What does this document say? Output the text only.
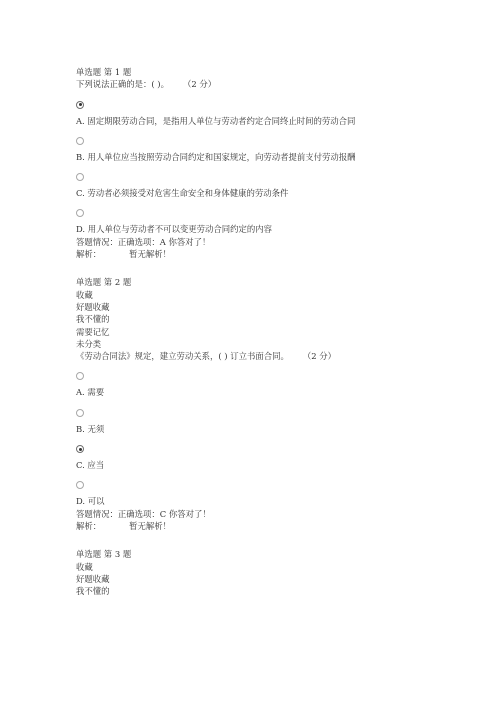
单选题 第 1 题
下列说法正确的是：( )。 （2 分）
A. 固定期限劳动合同，是指用人单位与劳动者约定合同终止时间的劳动合同
B. 用人单位应当按照劳动合同约定和国家规定，向劳动者提前支付劳动报酬
C. 劳动者必须接受对危害生命安全和身体健康的劳动条件
D. 用人单位与劳动者不可以变更劳动合同约定的内容
答题情况：正确选项：A 你答对了！
解析：	暂无解析！
单选题 第 2 题
收藏
好题收藏
我不懂的
需要记忆
未分类
《劳动合同法》规定，建立劳动关系，( ) 订立书面合同。 （2 分）
A. 需要
B. 无须
C. 应当
D. 可以
答题情况：正确选项：C 你答对了！
解析：	暂无解析！
单选题 第 3 题
收藏
好题收藏
我不懂的
